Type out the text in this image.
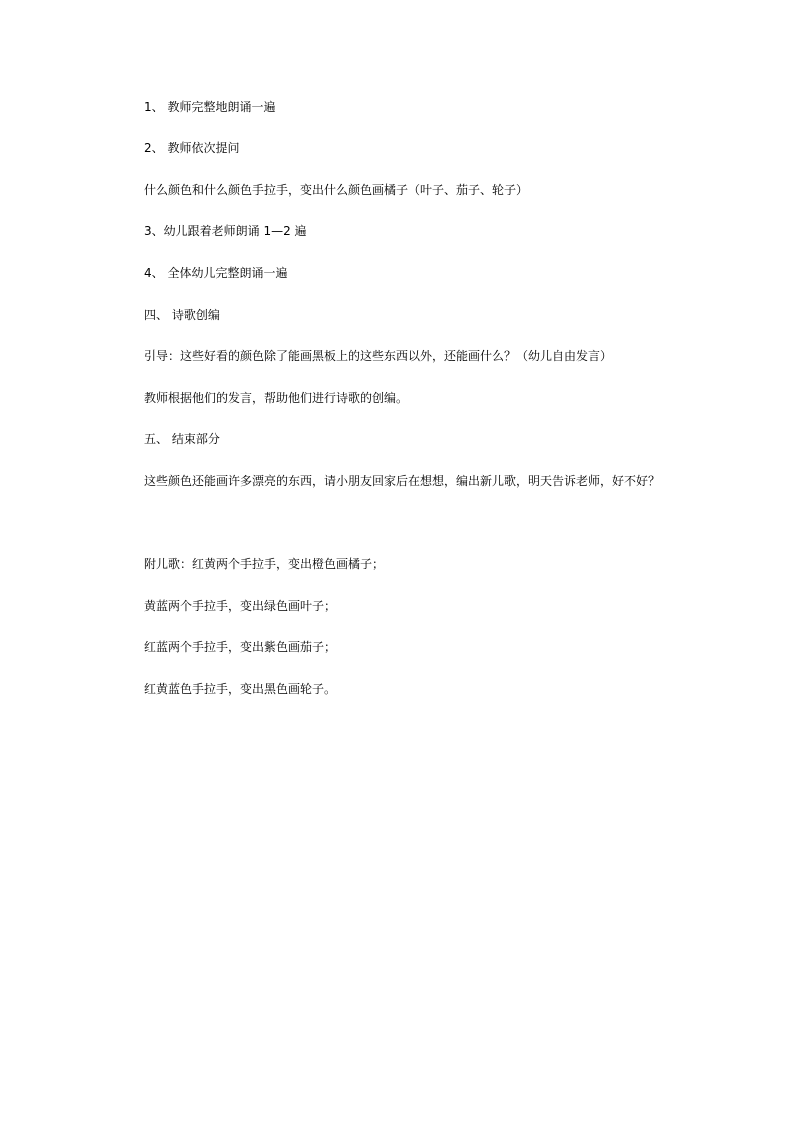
1、 教师完整地朗诵一遍

2、 教师依次提问

什么颜色和什么颜色手拉手，变出什么颜色画橘子（叶子、茄子、轮子）

3、幼儿跟着老师朗诵 1—2 遍

4、 全体幼儿完整朗诵一遍

四、 诗歌创编

引导：这些好看的颜色除了能画黑板上的这些东西以外，还能画什么？（幼儿自由发言）

教师根据他们的发言，帮助他们进行诗歌的创编。

五、 结束部分

这些颜色还能画许多漂亮的东西，请小朋友回家后在想想，编出新儿歌，明天告诉老师，好不好？

附儿歌：红黄两个手拉手，变出橙色画橘子；

黄蓝两个手拉手，变出绿色画叶子；

红蓝两个手拉手，变出紫色画茄子；

红黄蓝色手拉手，变出黑色画轮子。
